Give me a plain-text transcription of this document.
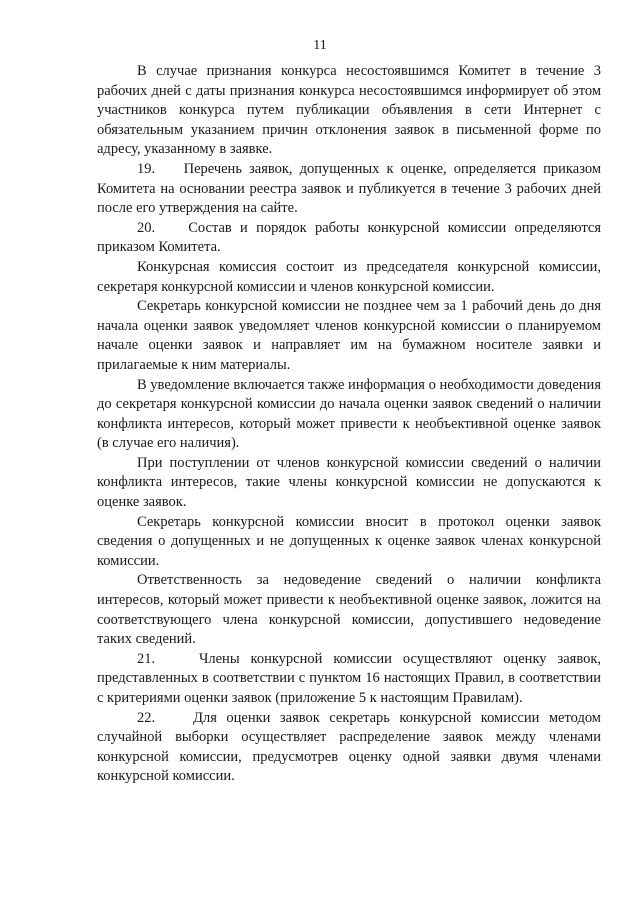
11

В случае признания конкурса несостоявшимся Комитет в течение 3 рабочих дней с даты признания конкурса несостоявшимся информирует об этом участников конкурса путем публикации объявления в сети Интернет с обязательным указанием причин отклонения заявок в письменной форме по адресу, указанному в заявке.

19.    Перечень заявок, допущенных к оценке, определяется приказом Комитета на основании реестра заявок и публикуется в течение 3 рабочих дней после его утверждения на сайте.

20.    Состав и порядок работы конкурсной комиссии определяются приказом Комитета.

Конкурсная комиссия состоит из председателя конкурсной комиссии, секретаря конкурсной комиссии и членов конкурсной комиссии.

Секретарь конкурсной комиссии не позднее чем за 1 рабочий день до дня начала оценки заявок уведомляет членов конкурсной комиссии о планируемом начале оценки заявок и направляет им на бумажном носителе заявки и прилагаемые к ним материалы.

В уведомление включается также информация о необходимости доведения до секретаря конкурсной комиссии до начала оценки заявок сведений о наличии конфликта интересов, который может привести к необъективной оценке заявок (в случае его наличия).

При поступлении от членов конкурсной комиссии сведений о наличии конфликта интересов, такие члены конкурсной комиссии не допускаются к оценке заявок.

Секретарь конкурсной комиссии вносит в протокол оценки заявок сведения о допущенных и не допущенных к оценке заявок членах конкурсной комиссии.

Ответственность за недоведение сведений о наличии конфликта интересов, который может привести к необъективной оценке заявок, ложится на соответствующего члена конкурсной комиссии, допустившего недоведение таких сведений.

21.    Члены конкурсной комиссии осуществляют оценку заявок, представленных в соответствии с пунктом 16 настоящих Правил, в соответствии с критериями оценки заявок (приложение 5 к настоящим Правилам).

22.    Для оценки заявок секретарь конкурсной комиссии методом случайной выборки осуществляет распределение заявок между членами конкурсной комиссии, предусмотрев оценку одной заявки двумя членами конкурсной комиссии.
